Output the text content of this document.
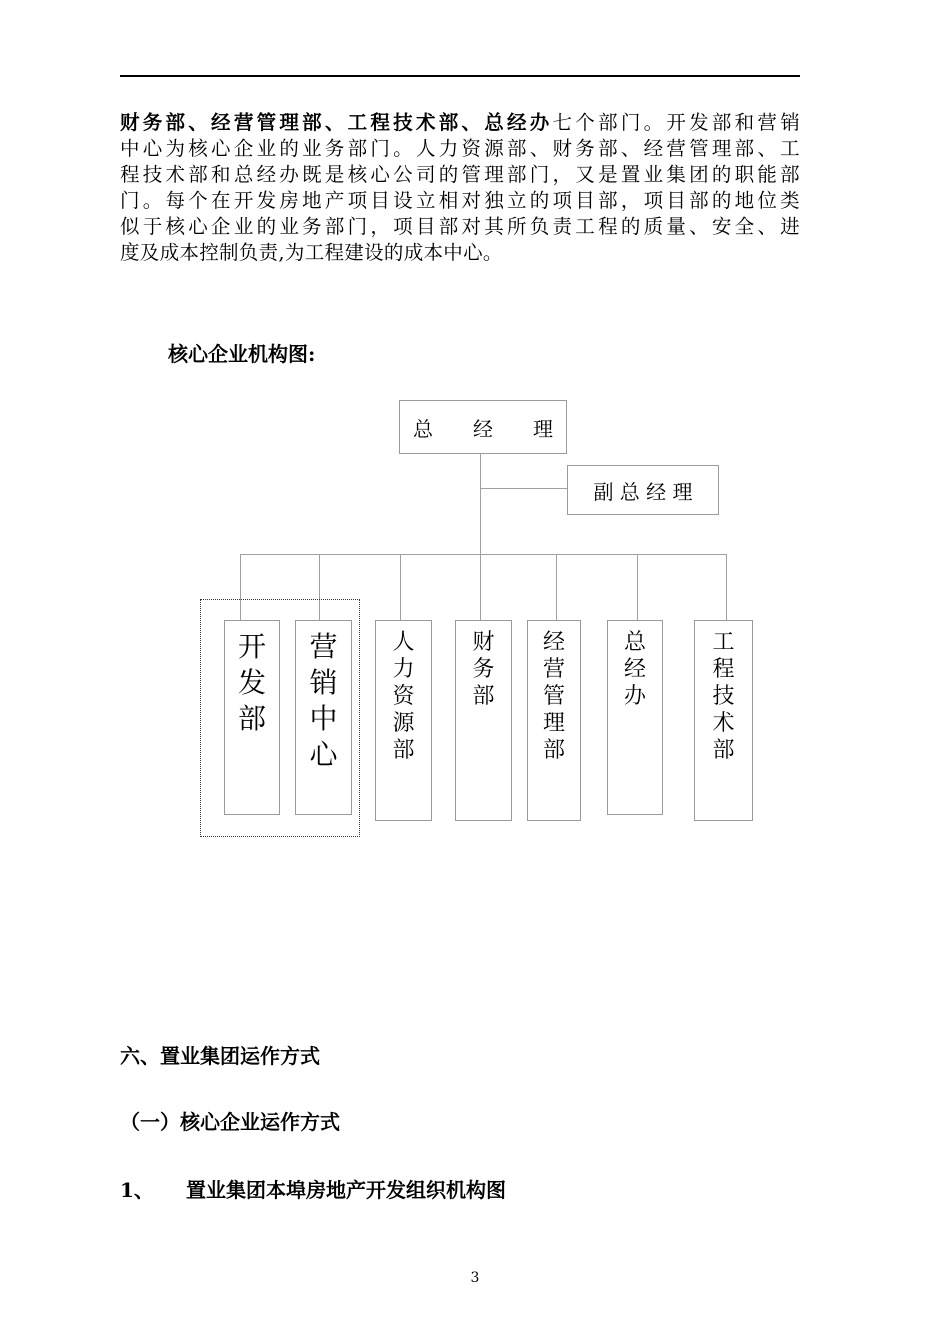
财务部、经营管理部、工程技术部、总经办七个部门。开发部和营销
中心为核心企业的业务部门。人力资源部、财务部、经营管理部、工
程技术部和总经办既是核心公司的管理部门，又是置业集团的职能部
门。每个在开发房地产项目设立相对独立的项目部，项目部的地位类
似于核心企业的业务部门，项目部对其所负责工程的质量、安全、进
度及成本控制负责,为工程建设的成本中心。
核心企业机构图:
总　　经　　理
副 总 经 理
开
发
部
营
销
中
心
人
力
资
源
部
财
务
部
经
营
管
理
部
总
经
办
工
程
技
术
部
六、置业集团运作方式
（一）核心企业运作方式
1、 置业集团本埠房地产开发组织机构图
3
